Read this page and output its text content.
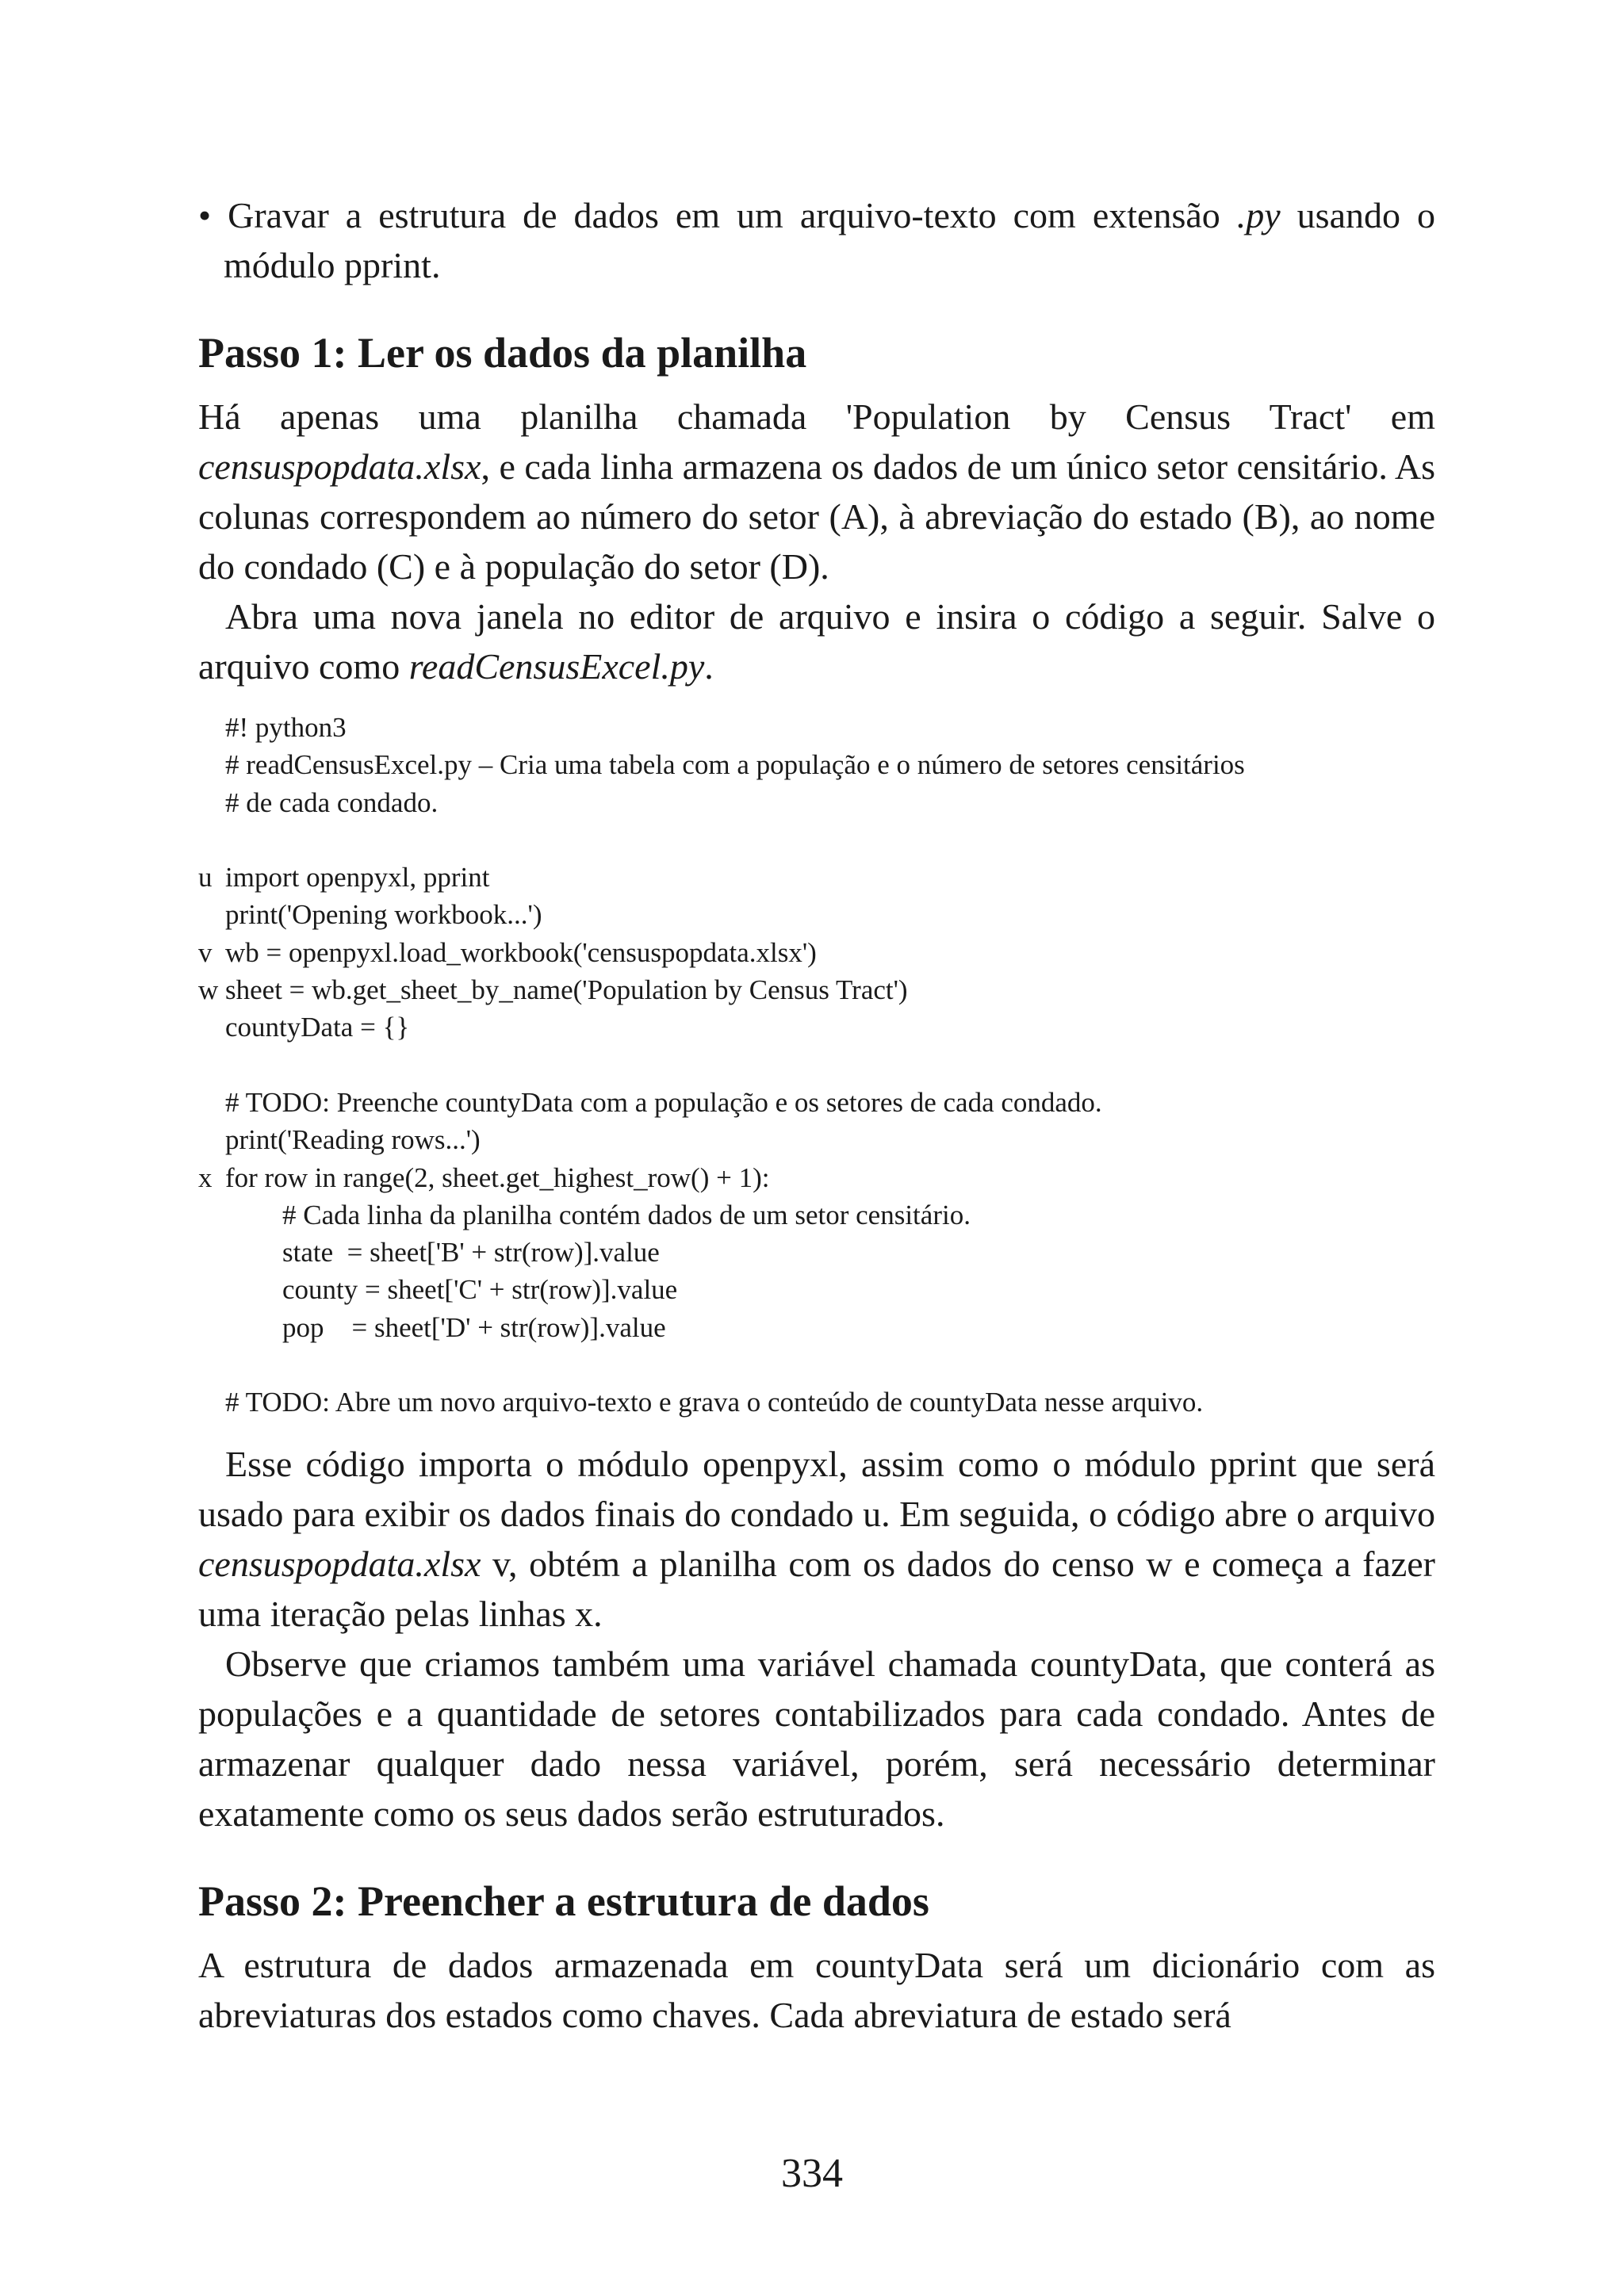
• Gravar a estrutura de dados em um arquivo-texto com extensão .py usando o módulo pprint.

Passo 1: Ler os dados da planilha

Há apenas uma planilha chamada 'Population by Census Tract' em censuspopdata.xlsx, e cada linha armazena os dados de um único setor censitário. As colunas correspondem ao número do setor (A), à abreviação do estado (B), ao nome do condado (C) e à população do setor (D).

Abra uma nova janela no editor de arquivo e insira o código a seguir. Salve o arquivo como readCensusExcel.py.

#! python3
# readCensusExcel.py – Cria uma tabela com a população e o número de setores censitários
# de cada condado.
u import openpyxl, pprint
print('Opening workbook...')
v wb = openpyxl.load_workbook('censuspopdata.xlsx')
w sheet = wb.get_sheet_by_name('Population by Census Tract')
countyData = {}
# TODO: Preenche countyData com a população e os setores de cada condado.
print('Reading rows...')
x for row in range(2, sheet.get_highest_row() + 1):
# Cada linha da planilha contém dados de um setor censitário.
state  = sheet['B' + str(row)].value
county = sheet['C' + str(row)].value
pop    = sheet['D' + str(row)].value
# TODO: Abre um novo arquivo-texto e grava o conteúdo de countyData nesse arquivo.

Esse código importa o módulo openpyxl, assim como o módulo pprint que será usado para exibir os dados finais do condado u. Em seguida, o código abre o arquivo censuspopdata.xlsx v, obtém a planilha com os dados do censo w e começa a fazer uma iteração pelas linhas x.

Observe que criamos também uma variável chamada countyData, que conterá as populações e a quantidade de setores contabilizados para cada condado. Antes de armazenar qualquer dado nessa variável, porém, será necessário determinar exatamente como os seus dados serão estruturados.

Passo 2: Preencher a estrutura de dados

A estrutura de dados armazenada em countyData será um dicionário com as abreviaturas dos estados como chaves. Cada abreviatura de estado será

334
